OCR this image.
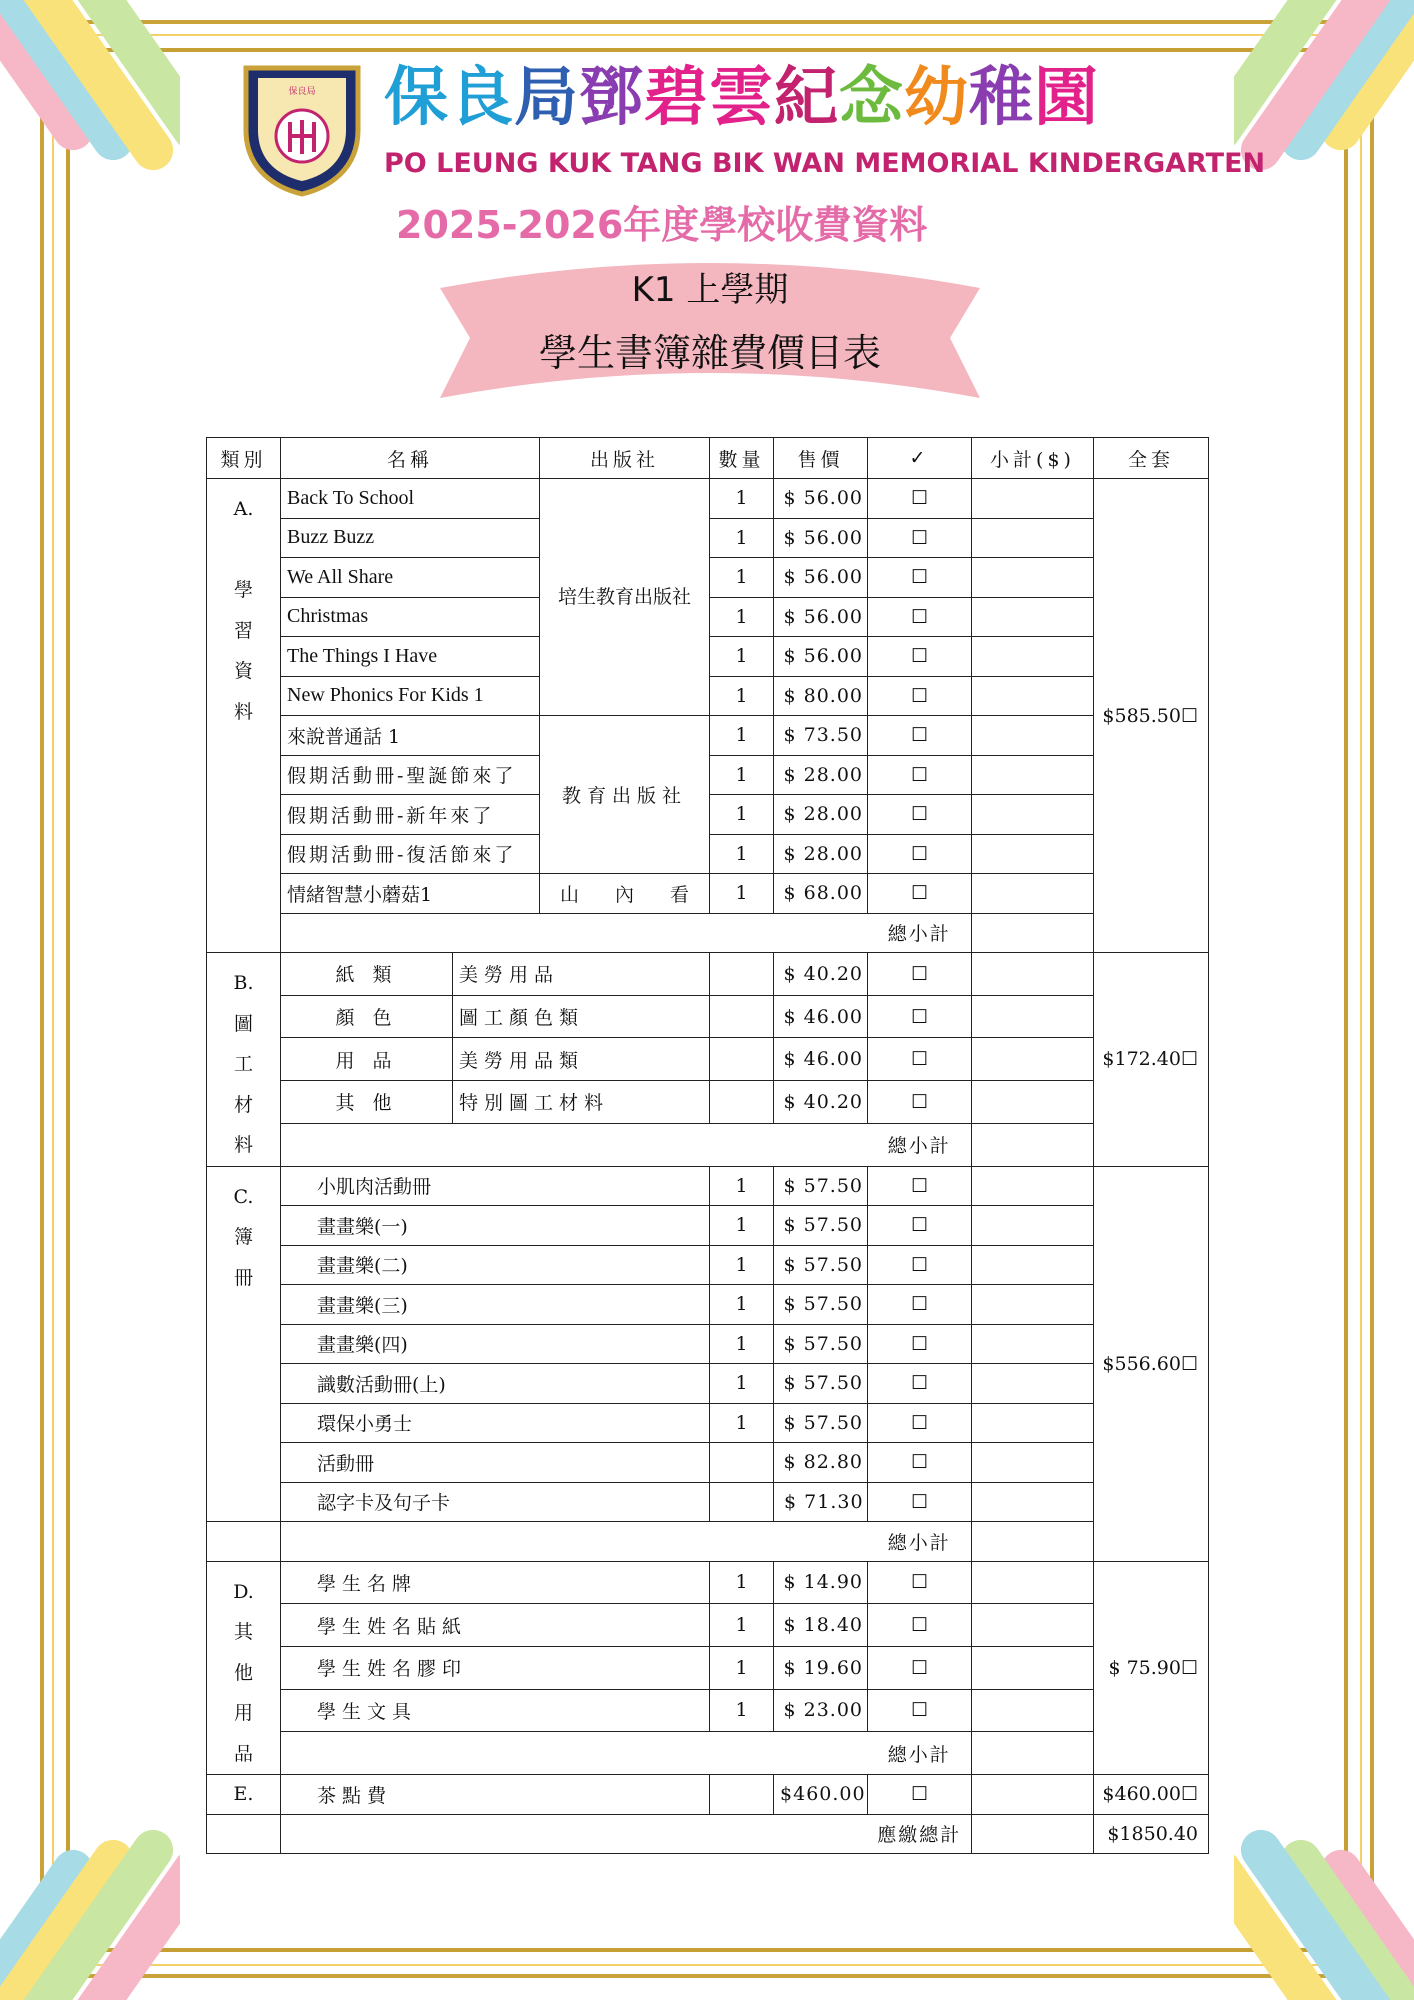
保良局 保良局鄧碧雲紀念幼稚園
PO LEUNG KUK TANG BIK WAN MEMORIAL KINDERGARTEN
2025-2026年度學校收費資料
K1 上學期
學生書簿雜費價目表
類別	名稱		出版社	數量	售價	✓	小計($)	全套
A.

學習資料	Back To School		培生教育出版社	1	$ 56.00	☐		$585.50☐
	Buzz Buzz			1	$ 56.00	☐		
	We All Share			1	$ 56.00	☐		
	Christmas			1	$ 56.00	☐		
	The Things I Have			1	$ 56.00	☐		
	New Phonics For Kids 1			1	$ 80.00	☐		
	來說普通話 1		教育出版社	1	$ 73.50	☐		
	假期活動冊-聖誕節來了			1	$ 28.00	☐		
	假期活動冊-新年來了			1	$ 28.00	☐		
	假期活動冊-復活節來了			1	$ 28.00	☐		
	情緒智慧小蘑菇1		山 內 看	1	$ 68.00	☐		
						總小計		
B.
圖工材料	紙 類	美勞用品			$ 40.20	☐		$172.40☐
	顏 色	圖工顏色類			$ 46.00	☐		
	用 品	美勞用品類			$ 46.00	☐		
	其 他	特別圖工材料			$ 40.20	☐		
						總小計		
C.
簿冊	小肌肉活動冊			1	$ 57.50	☐		$556.60☐
	畫畫樂(一)			1	$ 57.50	☐		
	畫畫樂(二)			1	$ 57.50	☐		
	畫畫樂(三)			1	$ 57.50	☐		
	畫畫樂(四)			1	$ 57.50	☐		
	識數活動冊(上)			1	$ 57.50	☐		
	環保小勇士			1	$ 57.50	☐		
	活動冊				$ 82.80	☐		
	認字卡及句子卡				$ 71.30	☐		
						總小計		
D.
其他用品	學生名牌			1	$ 14.90	☐		$ 75.90☐
	學生姓名貼紙			1	$ 18.40	☐		
	學生姓名膠印			1	$ 19.60	☐		
	學生文具			1	$ 23.00	☐		
						總小計		
E.	茶點費				$460.00	☐		$460.00☐
						應繳總計		$1850.40
